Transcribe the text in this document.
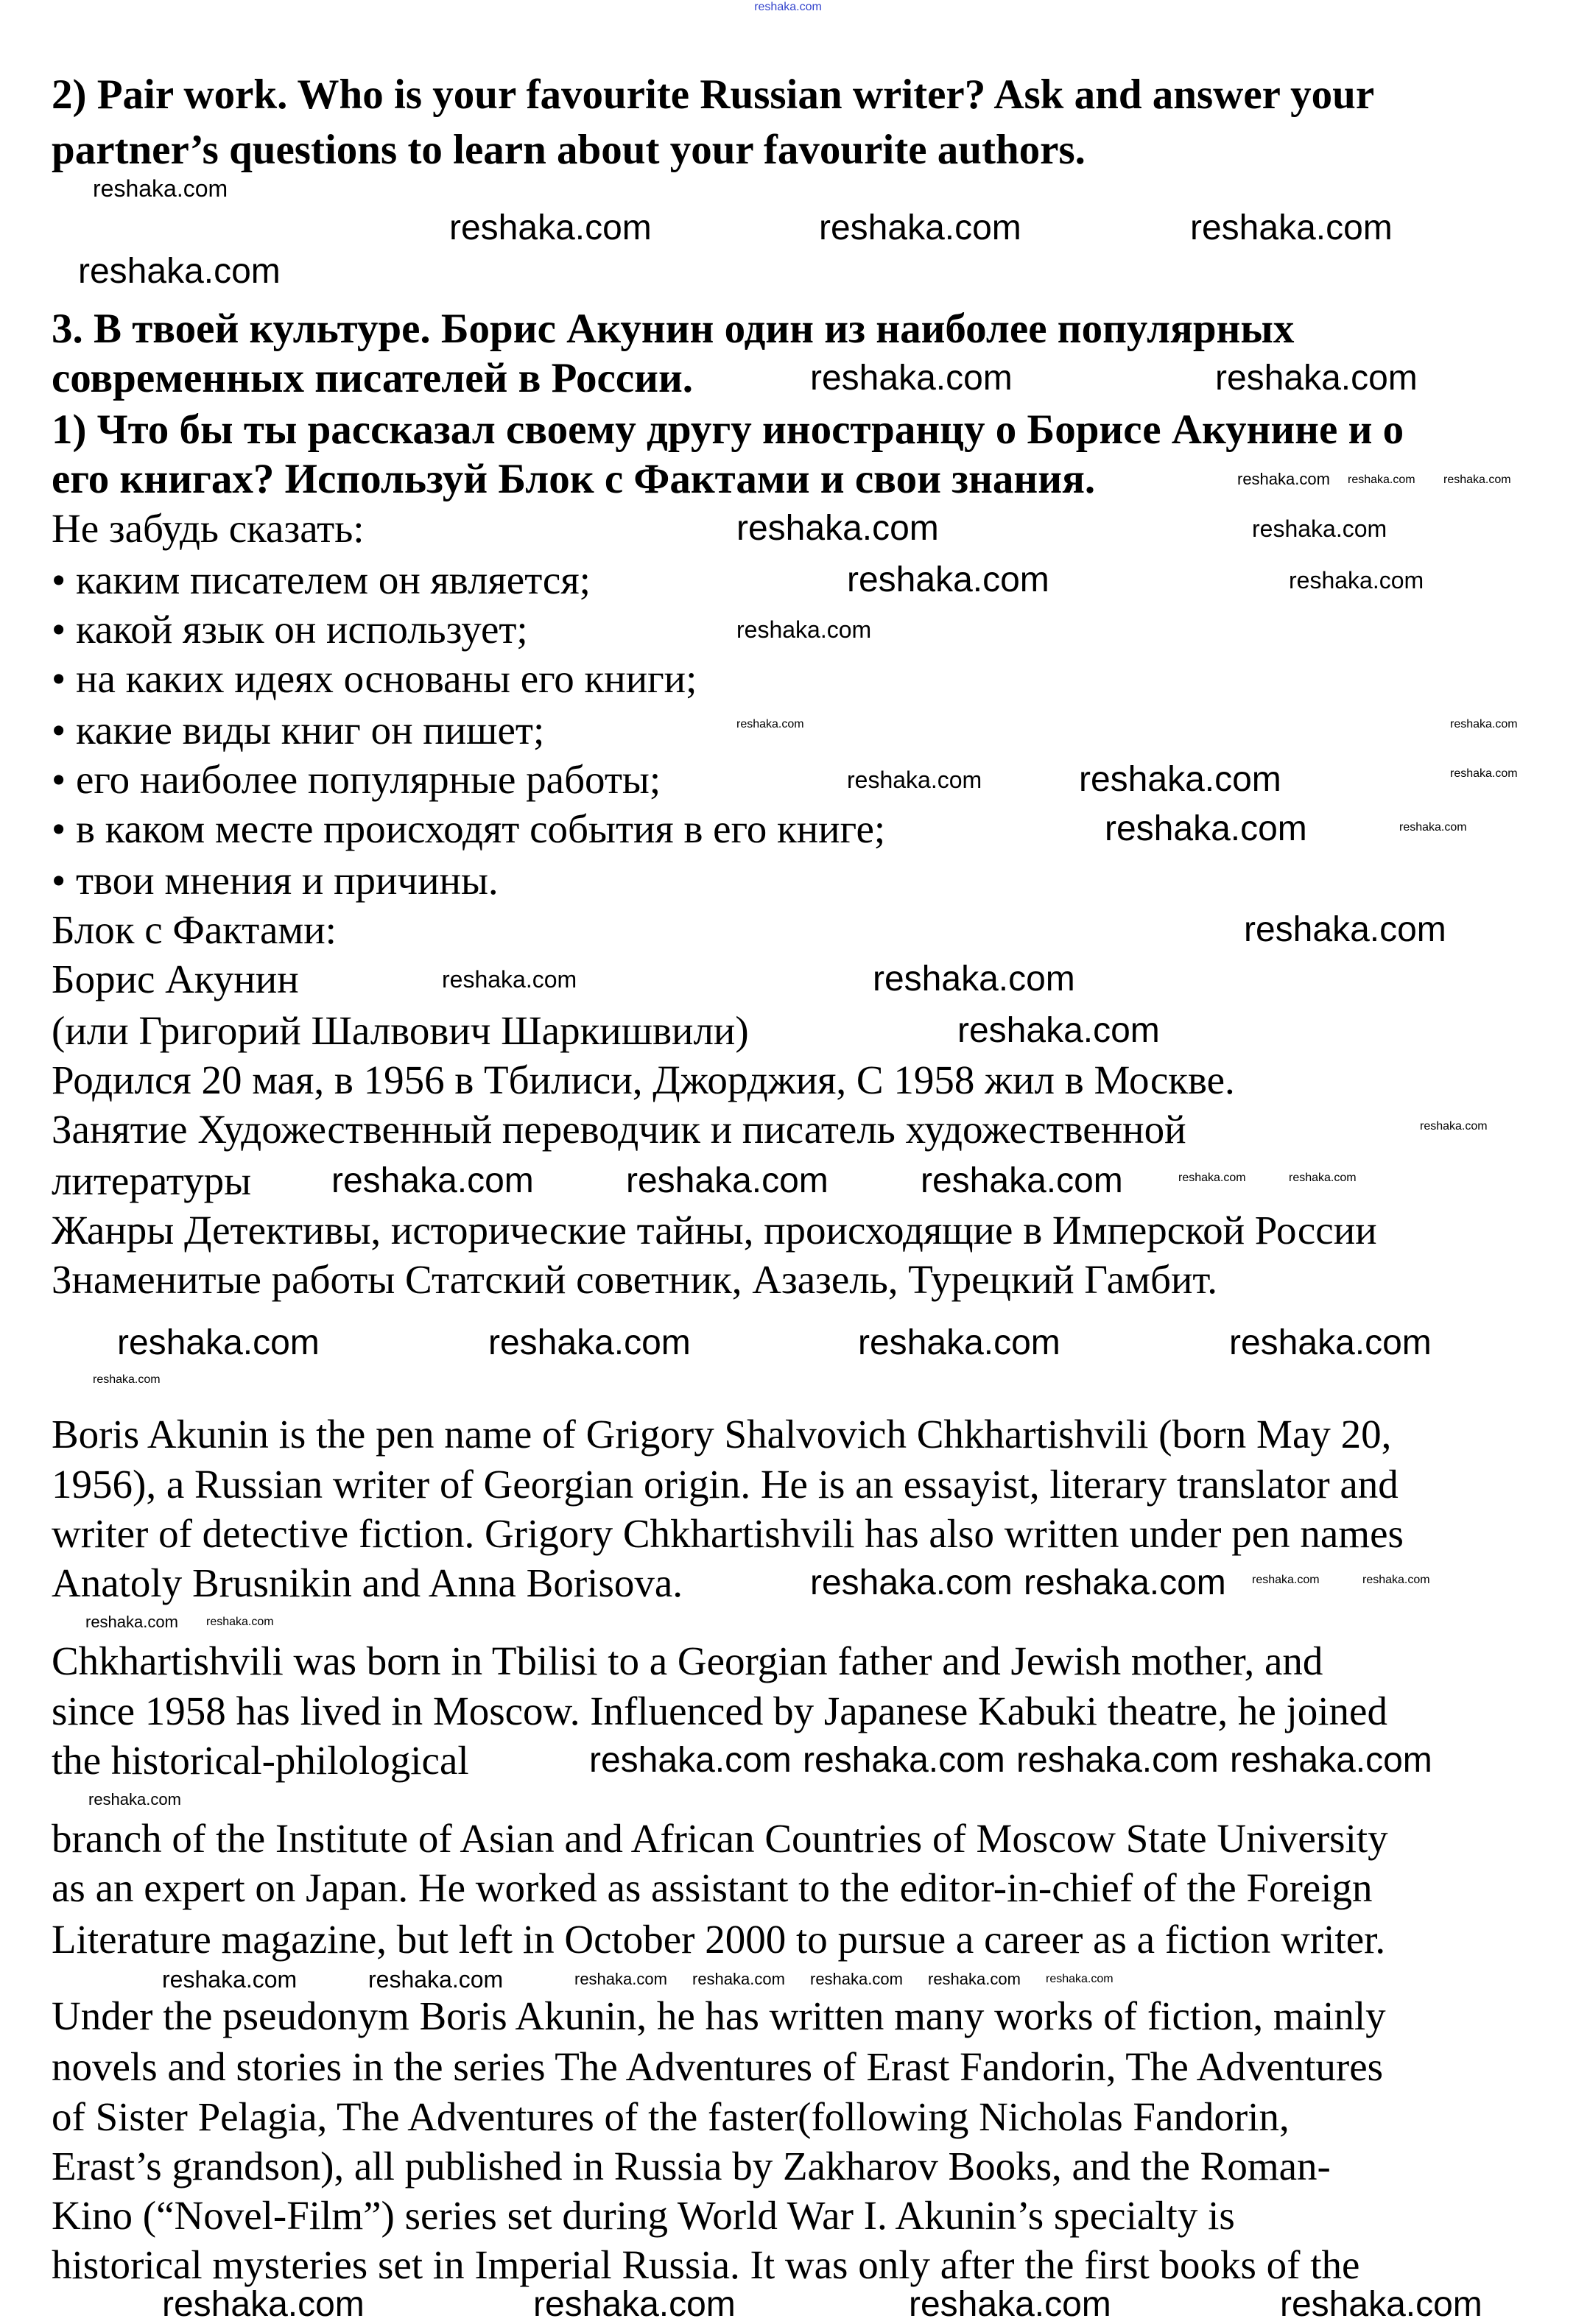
reshaka.com
2) Pair work. Who is your favourite Russian writer? Ask and answer your
partner’s questions to learn about your favourite authors.
3. В твоей культуре. Борис Акунин один из наиболее популярных
современных писателей в России.
1) Что бы ты рассказал своему другу иностранцу о Борисе Акунине и о
его книгах? Используй Блок с Фактами и свои знания.
Не забудь сказать:
• каким писателем он является;
• какой язык он использует;
• на каких идеях основаны его книги;
• какие виды книг он пишет;
• его наиболее популярные работы;
• в каком месте происходят события в его книге;
• твои мнения и причины.
Блок с Фактами:
Борис Акунин
(или Григорий Шалвович Шаркишвили)
Родился 20 мая, в 1956 в Тбилиси, Джорджия, С 1958 жил в Москве.
Занятие Художественный переводчик и писатель художественной
литературы
Жанры Детективы, исторические тайны, происходящие в Имперской России
Знаменитые работы Статский советник, Азазель, Турецкий Гамбит.
Boris Akunin is the pen name of Grigory Shalvovich Chkhartishvili (born May 20,
1956), a Russian writer of Georgian origin. He is an essayist, literary translator and
writer of detective fiction. Grigory Chkhartishvili has also written under pen names
Anatoly Brusnikin and Anna Borisova.
Chkhartishvili was born in Tbilisi to a Georgian father and Jewish mother, and
since 1958 has lived in Moscow. Influenced by Japanese Kabuki theatre, he joined
the historical-philological
branch of the Institute of Asian and African Countries of Moscow State University
as an expert on Japan. He worked as assistant to the editor-in-chief of the Foreign
Literature magazine, but left in October 2000 to pursue a career as a fiction writer.
Under the pseudonym Boris Akunin, he has written many works of fiction, mainly
novels and stories in the series The Adventures of Erast Fandorin, The Adventures
of Sister Pelagia, The Adventures of the faster(following Nicholas Fandorin,
Erast’s grandson), all published in Russia by Zakharov Books, and the Roman-
Kino (“Novel-Film”) series set during World War I. Akunin’s specialty is
historical mysteries set in Imperial Russia. It was only after the first books of the
reshaka.com	reshaka.com	reshaka.com
reshaka.com
reshaka.com	reshaka.com
reshaka.com
reshaka.com
reshaka.com
reshaka.com
reshaka.com
reshaka.com
reshaka.com
reshaka.com	reshaka.com	reshaka.com
reshaka.com	reshaka.com	reshaka.com	reshaka.com
reshaka.com reshaka.com
reshaka.com reshaka.com reshaka.com reshaka.com
reshaka.com	reshaka.com	reshaka.com	reshaka.com
reshaka.com
reshaka.com
reshaka.com
reshaka.com
reshaka.com
reshaka.com
reshaka.com	reshaka.com
reshaka.com
reshaka.com
reshaka.com
reshaka.com reshaka.com reshaka.com reshaka.com
reshaka.com reshaka.com
reshaka.com
reshaka.com
reshaka.com
reshaka.com
reshaka.com
reshaka.com	reshaka.com
reshaka.com
reshaka.com	reshaka.com
reshaka.com
reshaka.com
